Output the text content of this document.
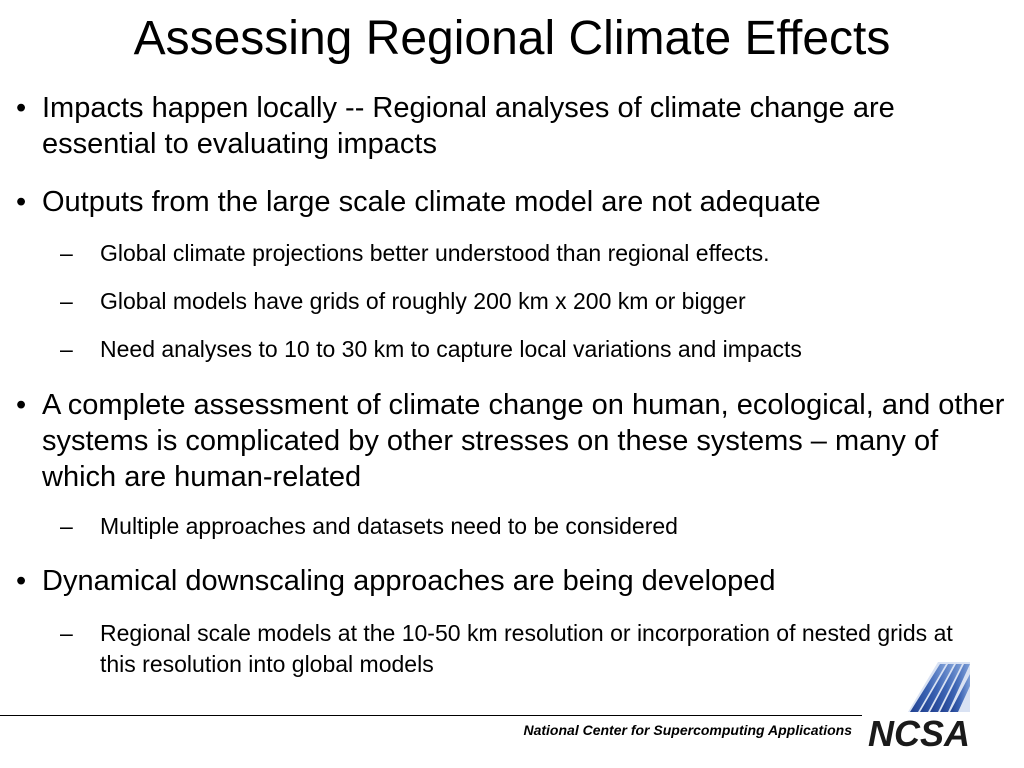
Assessing Regional Climate Effects
• Impacts happen locally -- Regional analyses of climate change are essential to evaluating impacts
• Outputs from the large scale climate model are not adequate
– Global climate projections better understood than regional effects.
– Global models have grids of roughly 200 km x 200 km or bigger
– Need analyses to 10 to 30 km to capture local variations and impacts
• A complete assessment of climate change on human, ecological, and other systems is complicated by other stresses on these systems – many of which are human-related
– Multiple approaches and datasets need to be considered
• Dynamical downscaling approaches are being developed
– Regional scale models at the 10-50 km resolution or incorporation of nested grids at this resolution into global models
National Center for Supercomputing Applications NCSA
